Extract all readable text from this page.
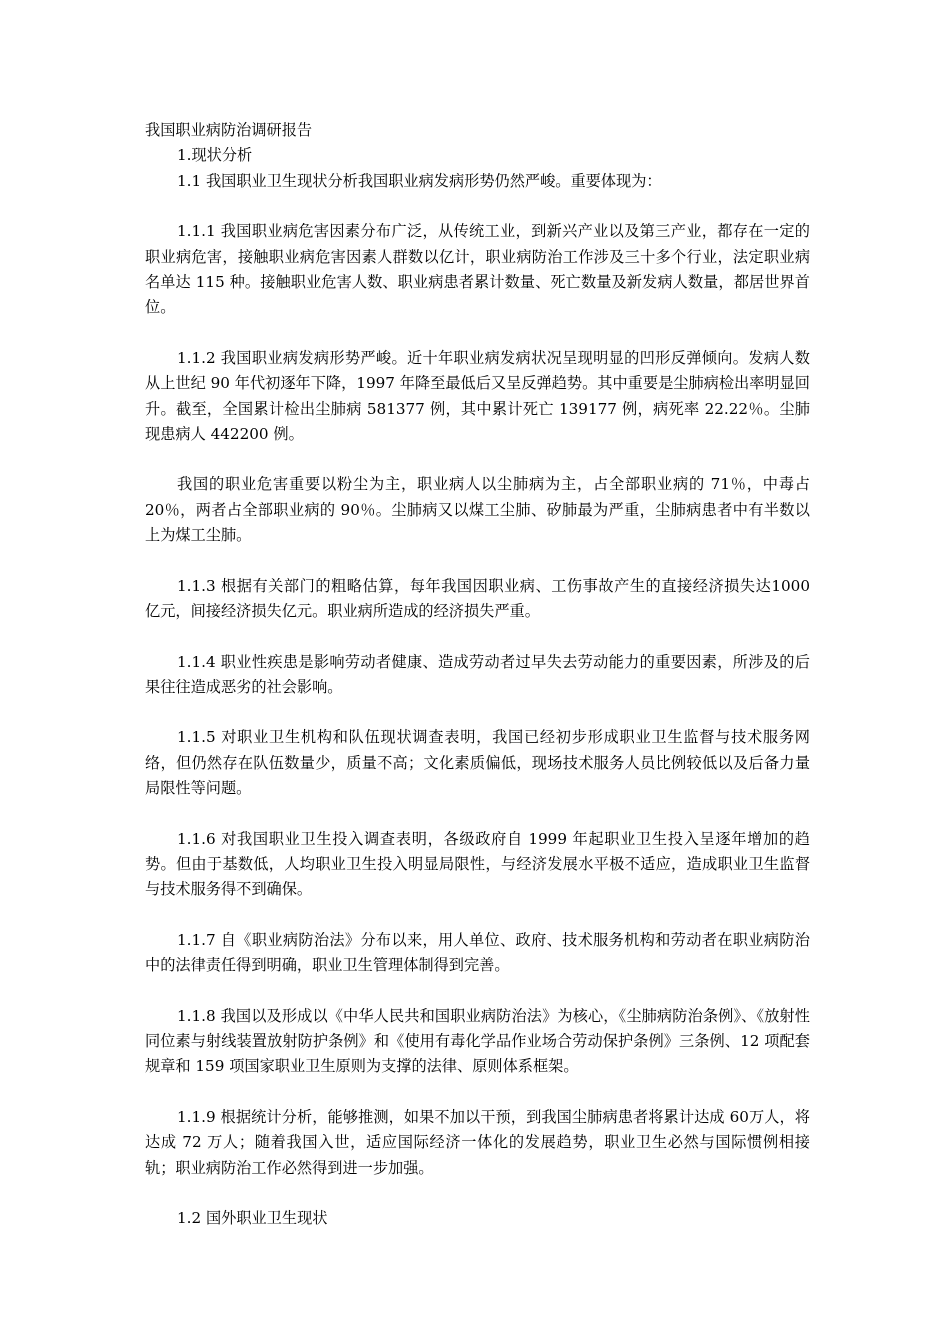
我国职业病防治调研报告

1.现状分析

1.1 我国职业卫生现状分析我国职业病发病形势仍然严峻。重要体现为：

1.1.1 我国职业病危害因素分布广泛，从传统工业，到新兴产业以及第三产业，都存在一定的职业病危害，接触职业病危害因素人群数以亿计，职业病防治工作涉及三十多个行业，法定职业病名单达 115 种。接触职业危害人数、职业病患者累计数量、死亡数量及新发病人数量，都居世界首位。

1.1.2 我国职业病发病形势严峻。近十年职业病发病状况呈现明显的凹形反弹倾向。发病人数从上世纪 90 年代初逐年下降，1997 年降至最低后又呈反弹趋势。其中重要是尘肺病检出率明显回升。截至，全国累计检出尘肺病 581377 例，其中累计死亡 139177 例，病死率 22.22％。尘肺现患病人 442200 例。

我国的职业危害重要以粉尘为主，职业病人以尘肺病为主，占全部职业病的 71％，中毒占 20％，两者占全部职业病的 90％。尘肺病又以煤工尘肺、矽肺最为严重，尘肺病患者中有半数以上为煤工尘肺。

1.1.3 根据有关部门的粗略估算，每年我国因职业病、工伤事故产生的直接经济损失达1000 亿元，间接经济损失亿元。职业病所造成的经济损失严重。

1.1.4 职业性疾患是影响劳动者健康、造成劳动者过早失去劳动能力的重要因素，所涉及的后果往往造成恶劣的社会影响。

1.1.5 对职业卫生机构和队伍现状调查表明，我国已经初步形成职业卫生监督与技术服务网络，但仍然存在队伍数量少，质量不高；文化素质偏低，现场技术服务人员比例较低以及后备力量局限性等问题。

1.1.6 对我国职业卫生投入调查表明，各级政府自 1999 年起职业卫生投入呈逐年增加的趋势。但由于基数低，人均职业卫生投入明显局限性，与经济发展水平极不适应，造成职业卫生监督与技术服务得不到确保。

1.1.7 自《职业病防治法》分布以来，用人单位、政府、技术服务机构和劳动者在职业病防治中的法律责任得到明确，职业卫生管理体制得到完善。

1.1.8 我国以及形成以《中华人民共和国职业病防治法》为核心，《尘肺病防治条例》、《放射性同位素与射线装置放射防护条例》和《使用有毒化学品作业场合劳动保护条例》三条例、12 项配套规章和 159 项国家职业卫生原则为支撑的法律、原则体系框架。

1.1.9 根据统计分析，能够推测，如果不加以干预，到我国尘肺病患者将累计达成 60万人，将达成 72 万人；随着我国入世，适应国际经济一体化的发展趋势，职业卫生必然与国际惯例相接轨；职业病防治工作必然得到进一步加强。

1.2 国外职业卫生现状
